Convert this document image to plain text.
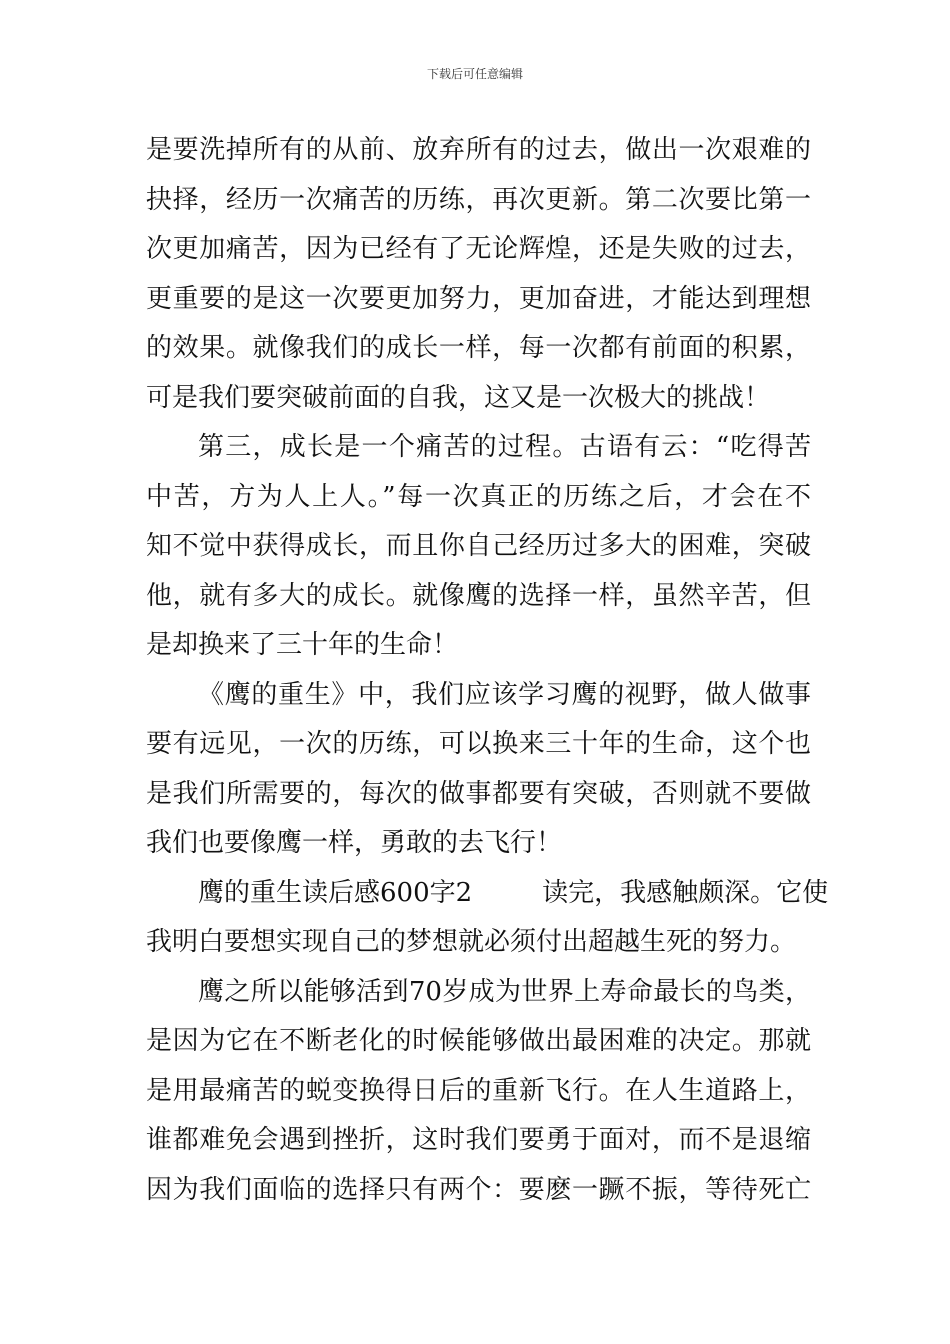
下载后可任意编辑
是要洗掉所有的从前、放弃所有的过去，做出一次艰难的
抉择，经历一次痛苦的历练，再次更新。第二次要比第一
次更加痛苦，因为已经有了无论辉煌，还是失败的过去，
更重要的是这一次要更加努力，更加奋进，才能达到理想
的效果。就像我们的成长一样，每一次都有前面的积累，
可是我们要突破前面的自我，这又是一次极大的挑战！
第三，成长是一个痛苦的过程。古语有云：“吃得苦
中苦，方为人上人。”每一次真正的历练之后，才会在不
知不觉中获得成长，而且你自己经历过多大的困难，突破
他，就有多大的成长。就像鹰的选择一样，虽然辛苦，但
是却换来了三十年的生命！
《鹰的重生》中，我们应该学习鹰的视野，做人做事
要有远见，一次的历练，可以换来三十年的生命，这个也
是我们所需要的，每次的做事都要有突破，否则就不要做
我们也要像鹰一样，勇敢的去飞行！
鹰的重生读后感600字2	读完，我感触颇深。它使
我明白要想实现自己的梦想就必须付出超越生死的努力。
鹰之所以能够活到70岁成为世界上寿命最长的鸟类，
是因为它在不断老化的时候能够做出最困难的决定。那就
是用最痛苦的蜕变换得日后的重新飞行。在人生道路上，
谁都难免会遇到挫折，这时我们要勇于面对，而不是退缩
因为我们面临的选择只有两个：要麽一蹶不振，等待死亡
